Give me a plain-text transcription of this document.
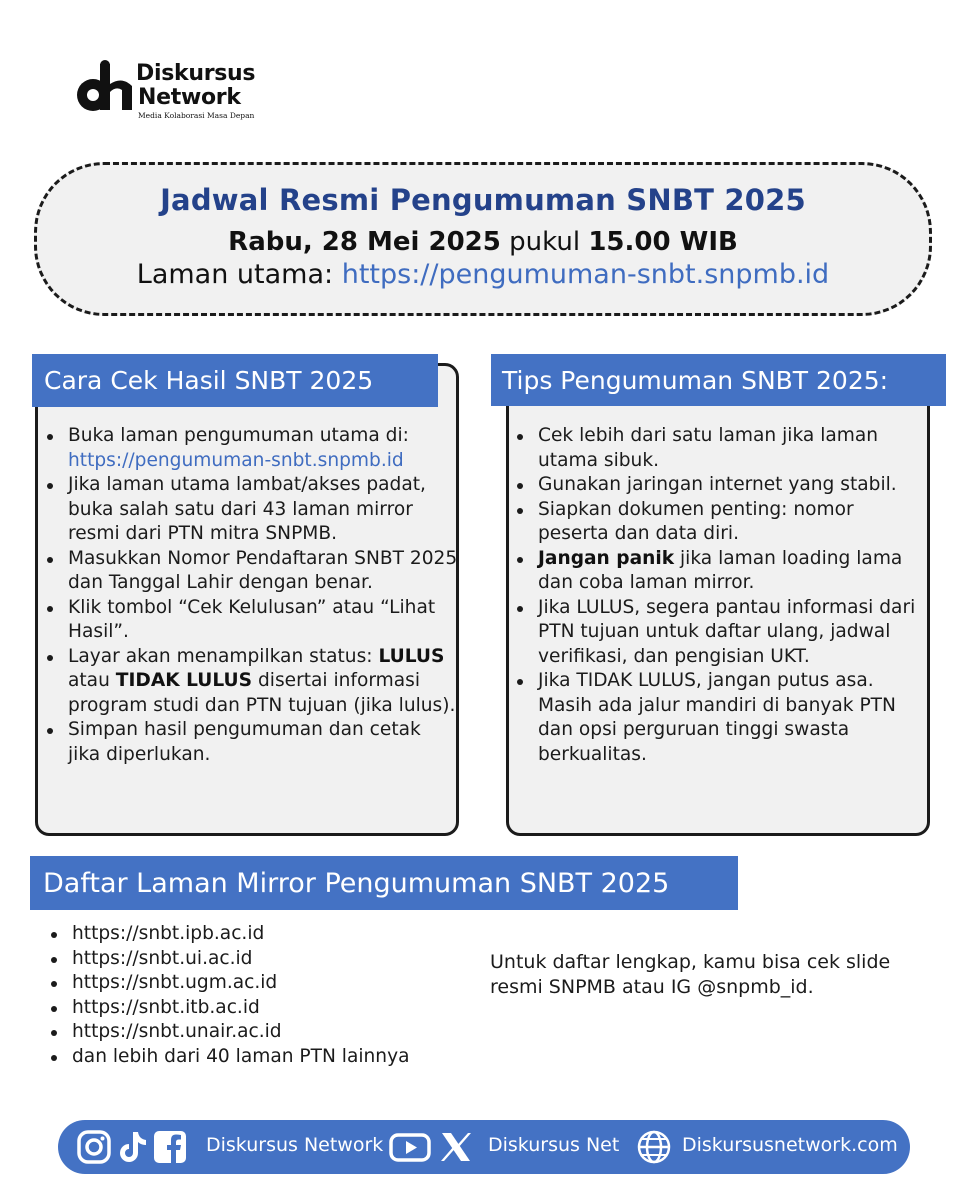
Diskursus
Network
Media Kolaborasi Masa Depan
Jadwal Resmi Pengumuman SNBT 2025
Rabu, 28 Mei 2025 pukul 15.00 WIB
Laman utama: https://pengumuman-snbt.snpmb.id
Cara Cek Hasil SNBT 2025
Buka laman pengumuman utama di:
https://pengumuman-snbt.snpmb.id
Jika laman utama lambat/akses padat, buka salah satu dari 43 laman mirror resmi dari PTN mitra SNPMB.
Masukkan Nomor Pendaftaran SNBT 2025 dan Tanggal Lahir dengan benar.
Klik tombol “Cek Kelulusan” atau “Lihat Hasil”.
Layar akan menampilkan status: LULUS atau TIDAK LULUS disertai informasi program studi dan PTN tujuan (jika lulus).
Simpan hasil pengumuman dan cetak jika diperlukan.
Tips Pengumuman SNBT 2025:
Cek lebih dari satu laman jika laman utama sibuk.
Gunakan jaringan internet yang stabil.
Siapkan dokumen penting: nomor peserta dan data diri.
Jangan panik jika laman loading lama dan coba laman mirror.
Jika LULUS, segera pantau informasi dari PTN tujuan untuk daftar ulang, jadwal verifikasi, dan pengisian UKT.
Jika TIDAK LULUS, jangan putus asa. Masih ada jalur mandiri di banyak PTN dan opsi perguruan tinggi swasta berkualitas.
Daftar Laman Mirror Pengumuman SNBT 2025
https://snbt.ipb.ac.id
https://snbt.ui.ac.id
https://snbt.ugm.ac.id
https://snbt.itb.ac.id
https://snbt.unair.ac.id
dan lebih dari 40 laman PTN lainnya
Untuk daftar lengkap, kamu bisa cek slide resmi SNPMB atau IG @snpmb_id.
Diskursus Network	Diskursus Net	Diskursusnetwork.com
